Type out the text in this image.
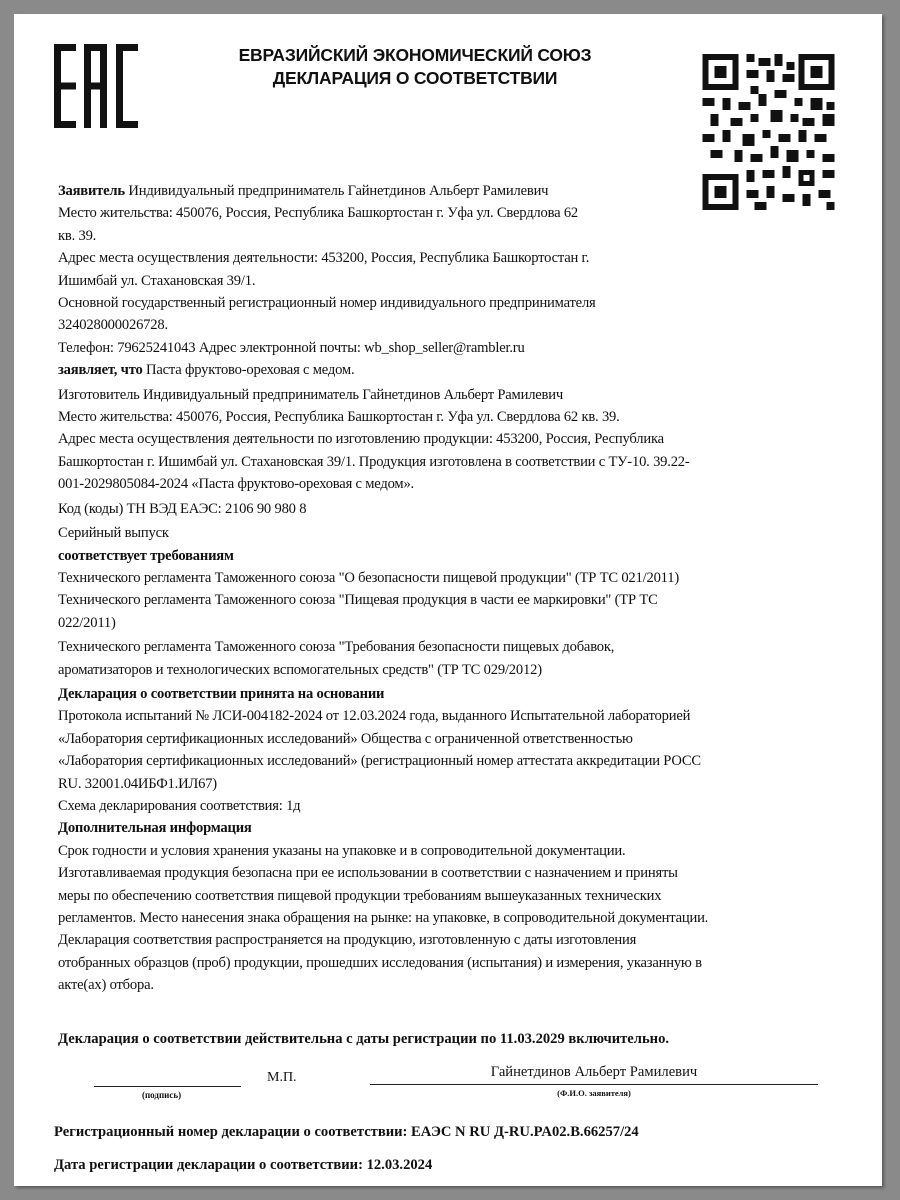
ЕВРАЗИЙСКИЙ ЭКОНОМИЧЕСКИЙ СОЮЗ
ДЕКЛАРАЦИЯ О СООТВЕТСТВИИ
Заявитель Индивидуальный предприниматель Гайнетдинов Альберт Рамилевич
Место жительства: 450076, Россия, Республика Башкортостан г. Уфа ул. Свердлова 62
кв. 39.
Адрес места осуществления деятельности: 453200, Россия, Республика Башкортостан г.
Ишимбай ул. Стахановская 39/1.
Основной государственный регистрационный номер индивидуального предпринимателя
324028000026728.
Телефон: 79625241043 Адрес электронной почты: wb_shop_seller@rambler.ru
заявляет, что Паста фруктово-ореховая с медом.
Изготовитель Индивидуальный предприниматель Гайнетдинов Альберт Рамилевич
Место жительства: 450076, Россия, Республика Башкортостан г. Уфа ул. Свердлова 62 кв. 39.
Адрес места осуществления деятельности по изготовлению продукции: 453200, Россия, Республика
Башкортостан г. Ишимбай ул. Стахановская 39/1. Продукция изготовлена в соответствии с ТУ-10. 39.22-
001-2029805084-2024 «Паста фруктово-ореховая с медом».
Код (коды) ТН ВЭД ЕАЭС: 2106 90 980 8
Серийный выпуск
соответствует требованиям
Технического регламента Таможенного союза "О безопасности пищевой продукции" (ТР ТС 021/2011)
Технического регламента Таможенного союза "Пищевая продукция в части ее маркировки" (ТР ТС
022/2011)
Технического регламента Таможенного союза "Требования безопасности пищевых добавок,
ароматизаторов и технологических вспомогательных средств" (ТР ТС 029/2012)
Декларация о соответствии принята на основании
Протокола испытаний № ЛСИ-004182-2024 от 12.03.2024 года, выданного Испытательной лабораторией
«Лаборатория сертификационных исследований» Общества с ограниченной ответственностью
«Лаборатория сертификационных исследований» (регистрационный номер аттестата аккредитации РОСС
RU. 32001.04ИБФ1.ИЛ67)
Схема декларирования соответствия: 1д
Дополнительная информация
Срок годности и условия хранения указаны на упаковке и в сопроводительной документации.
Изготавливаемая продукция безопасна при ее использовании в соответствии с назначением и приняты
меры по обеспечению соответствия пищевой продукции требованиям вышеуказанных технических
регламентов. Место нанесения знака обращения на рынке: на упаковке, в сопроводительной документации.
Декларация соответствия распространяется на продукцию, изготовленную с даты изготовления
отобранных образцов (проб) продукции, прошедших исследования (испытания) и измерения, указанную в
акте(ах) отбора.
Декларация о соответствии действительна с даты регистрации по 11.03.2029 включительно.
(подпись)
М.П.	Гайнетдинов Альберт Рамилевич
(Ф.И.О. заявителя)
Регистрационный номер декларации о соответствии: ЕАЭС N RU Д-RU.PA02.B.66257/24
Дата регистрации декларации о соответствии: 12.03.2024
